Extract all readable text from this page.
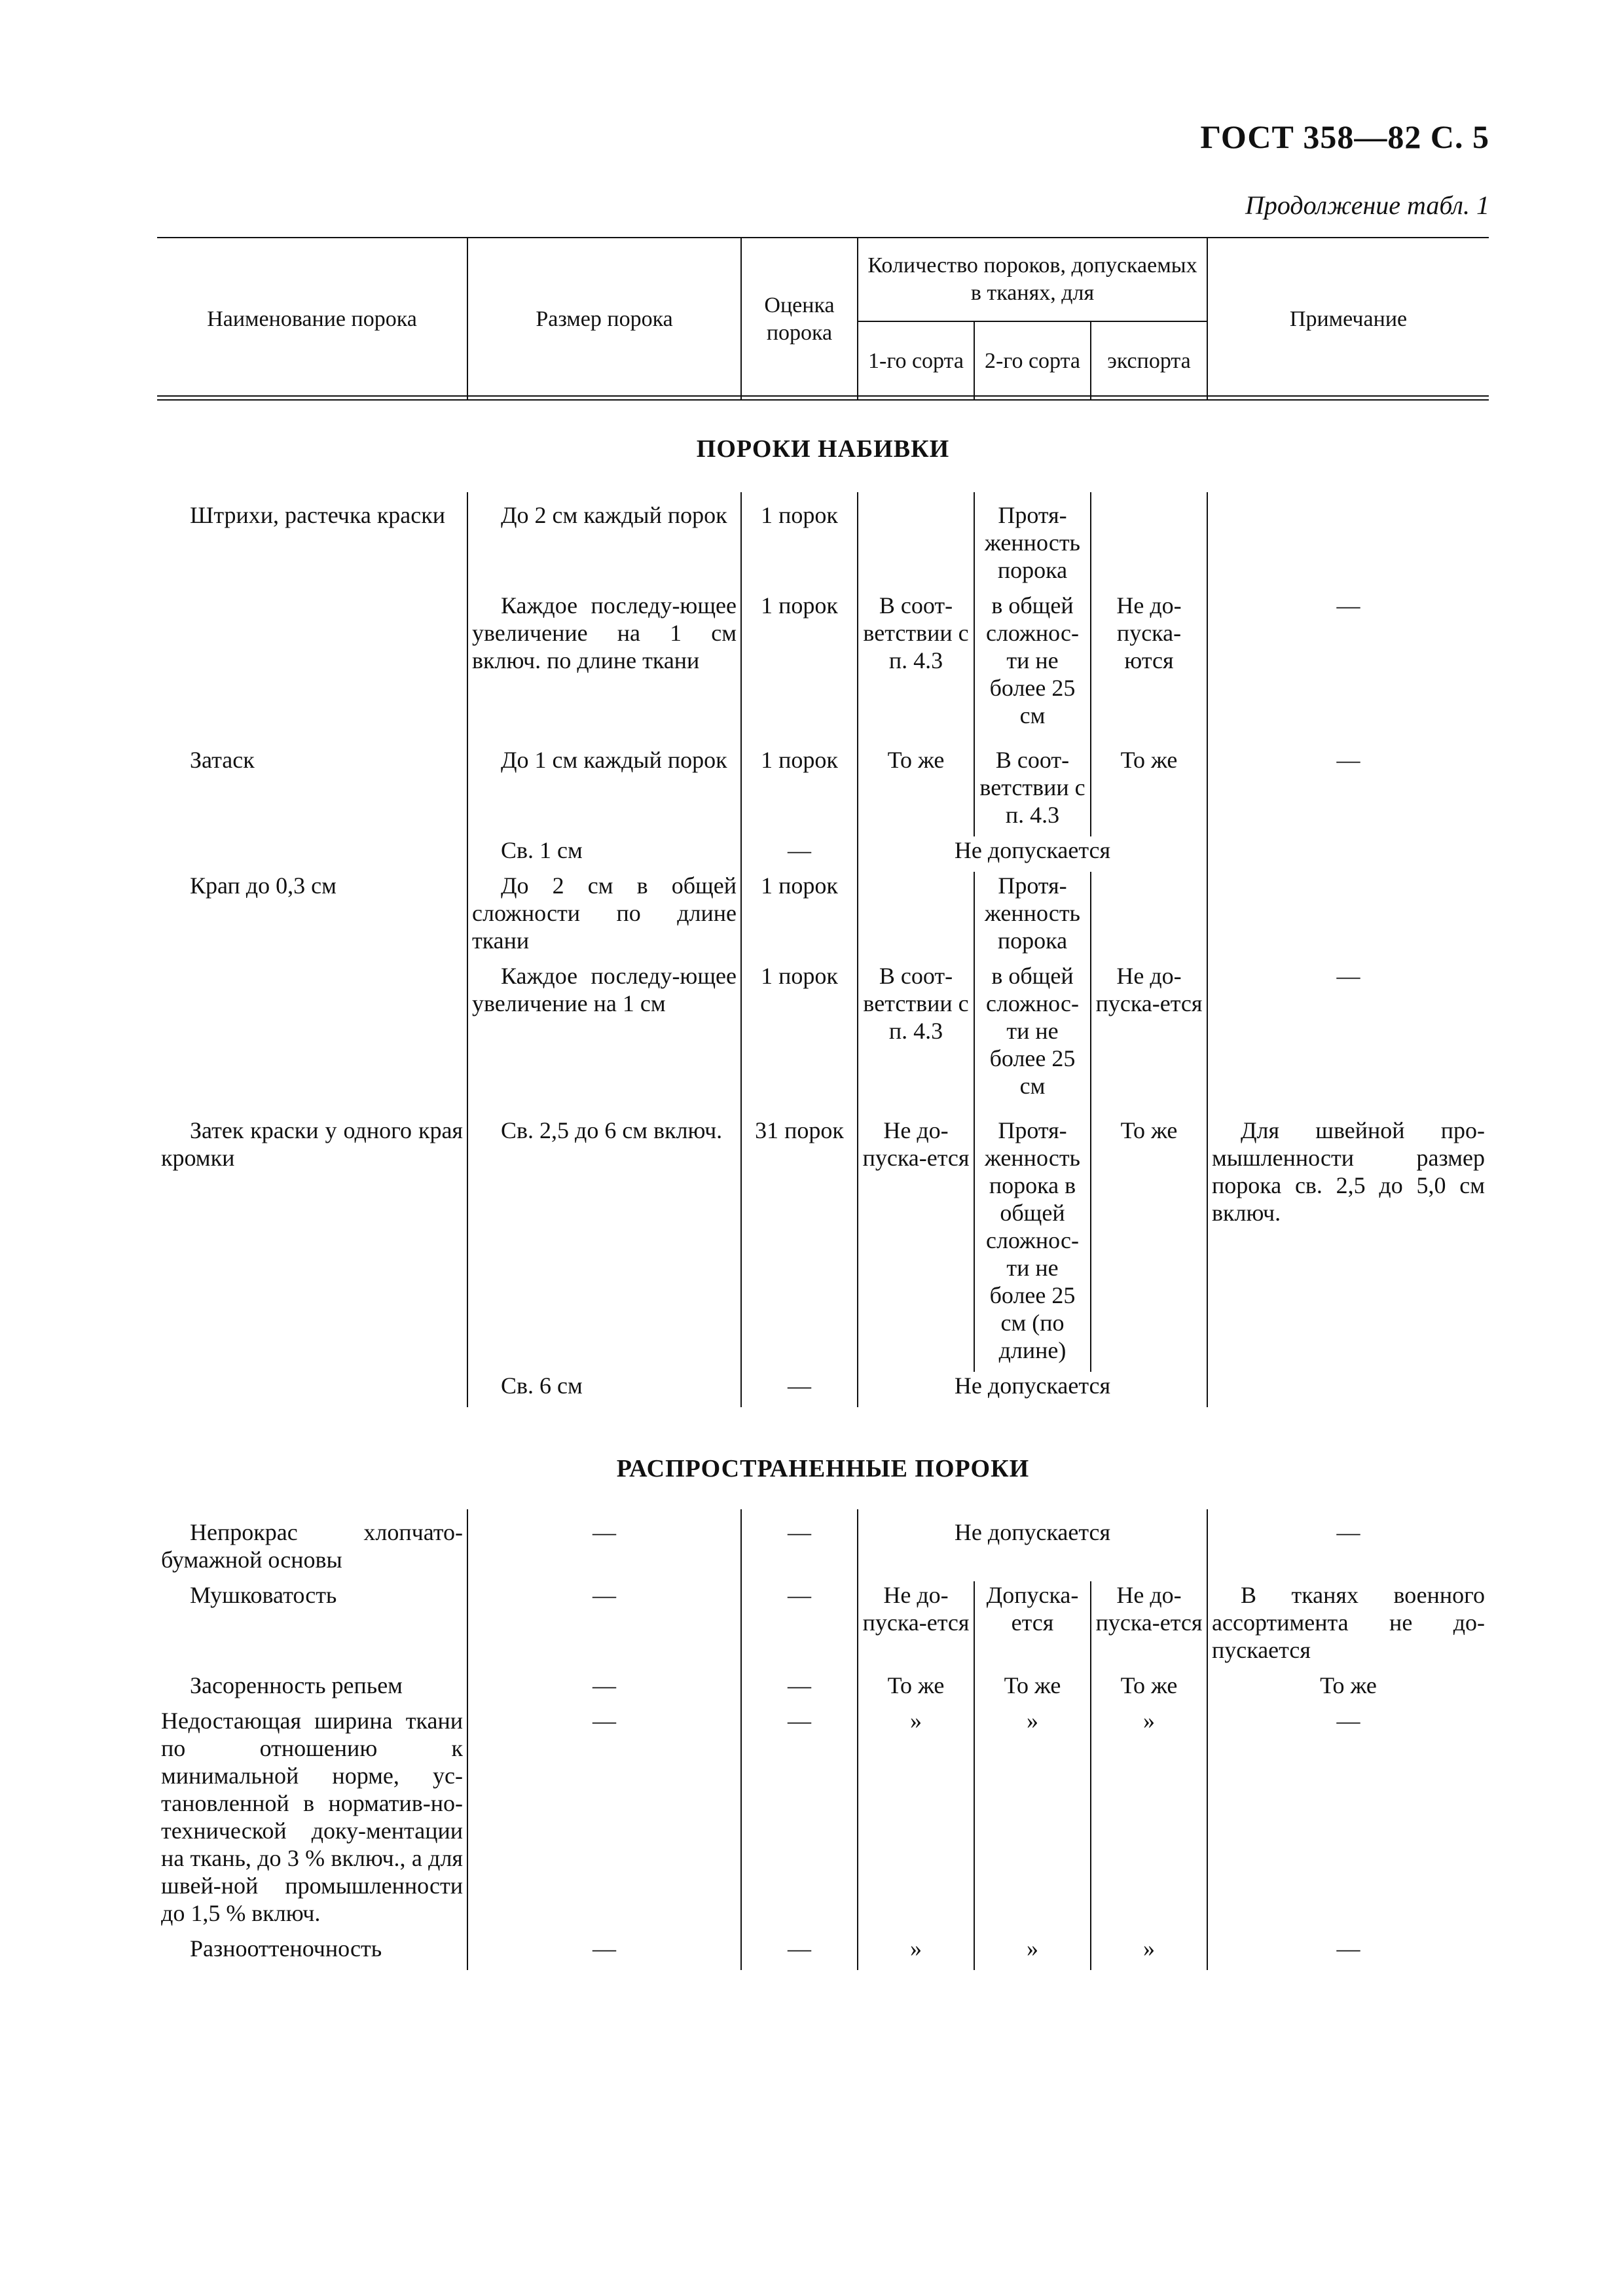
ГОСТ 358—82 С. 5
Продолжение табл. 1
Наименование порока	Размер порока	Оценка порока	Количество пороков, допускаемых в тканях, для			Примечание
			1-го сорта	2-го сорта	экспорта	
ПОРОКИ НАБИВКИ
Штрихи, растечка краски	До 2 см каждый порок	1 порок		Протя-женность порока		
	Каждое последу-ющее увеличение на 1 см включ. по длине ткани	1 порок	В соот-ветствии с п. 4.3	в общей сложнос-ти не более 25 см	Не до-пуска-ются	—
Затаск	До 1 см каждый порок	1 порок	То же	В соот-ветствии с п. 4.3	То же	—
	Св. 1 см	—	Не допускается			
Крап до 0,3 см	До 2 см в общей сложности по длине ткани	1 порок		Протя-женность порока		
	Каждое последу-ющее увеличение на 1 см	1 порок	В соот-ветствии с п. 4.3	в общей сложнос-ти не более 25 см	Не до-пуска-ется	—
Затек краски у одного края кромки	Св. 2,5 до 6 см включ.	31 порок	Не до-пуска-ется	Протя-женность порока в общей сложнос-ти не более 25 см (по длине)	То же	Для швейной про-мышленности размер порока св. 2,5 до 5,0 см включ.
	Св. 6 см	—	Не допускается			
РАСПРОСТРАНЕННЫЕ ПОРОКИ
Непрокрас хлопчато-бумажной основы	—	—	Не допускается			—
Мушковатость	—	—	Не до-пуска-ется	Допуска-ется	Не до-пуска-ется	В тканях военного ассортимента не до-пускается
Засоренность репьем	—	—	То же	То же	То же	То же
Недостающая ширина ткани по отношению к минимальной норме, ус-тановленной в норматив-но-технической доку-ментации на ткань, до 3 % включ., а для швей-ной промышленности до 1,5 % включ.	—	—	»	»	»	—
Разнооттеночность	—	—	»	»	»	—
